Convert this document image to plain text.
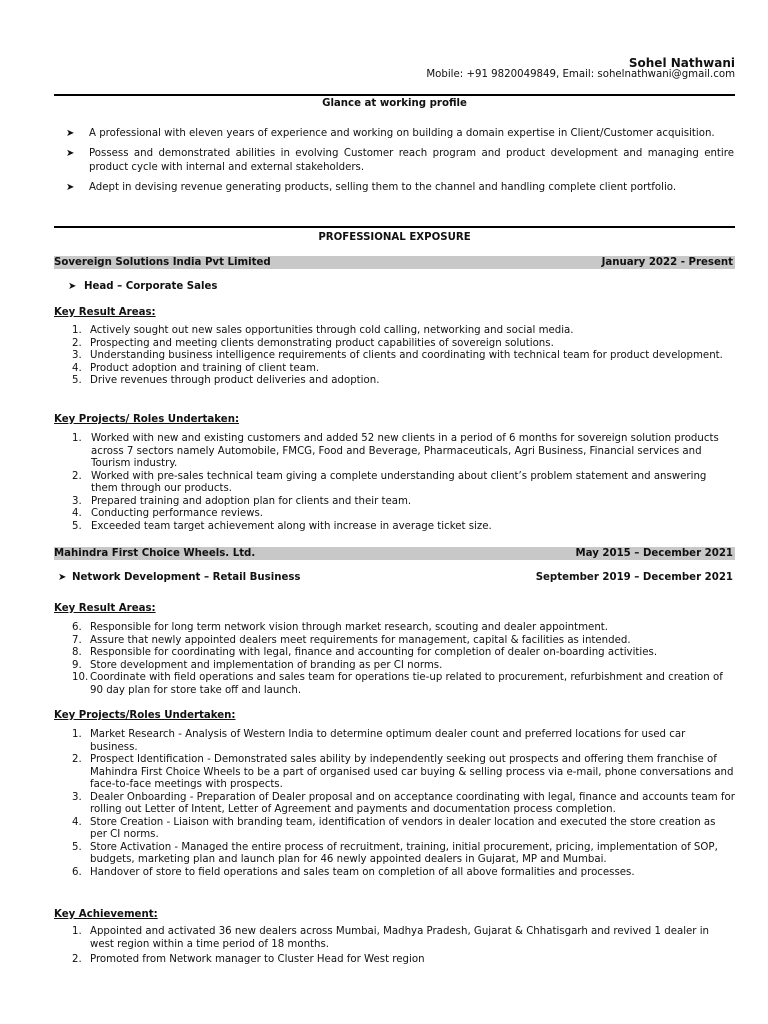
Sohel Nathwani
Mobile: +91 9820049849, Email: sohelnathwani@gmail.com
Glance at working profile
➤ A professional with eleven years of experience and working on building a domain expertise in Client/Customer acquisition.
➤ Possess and demonstrated abilities in evolving Customer reach program and product development and managing entire product cycle with internal and external stakeholders.
➤ Adept in devising revenue generating products, selling them to the channel and handling complete client portfolio.
PROFESSIONAL EXPOSURE
Sovereign Solutions India Pvt Limited	January 2022 - Present
➤ Head – Corporate Sales
Key Result Areas:
1. Actively sought out new sales opportunities through cold calling, networking and social media.
2. Prospecting and meeting clients demonstrating product capabilities of sovereign solutions.
3. Understanding business intelligence requirements of clients and coordinating with technical team for product development.
4. Product adoption and training of client team.
5. Drive revenues through product deliveries and adoption.
Key Projects/ Roles Undertaken:
1. Worked with new and existing customers and added 52 new clients in a period of 6 months for sovereign solution products across 7 sectors namely Automobile, FMCG, Food and Beverage, Pharmaceuticals, Agri Business, Financial services and Tourism industry.
2. Worked with pre-sales technical team giving a complete understanding about client’s problem statement and answering them through our products.
3. Prepared training and adoption plan for clients and their team.
4. Conducting performance reviews.
5. Exceeded team target achievement along with increase in average ticket size.
Mahindra First Choice Wheels. Ltd.	May 2015 – December 2021
➤ Network Development – Retail Business	September 2019 – December 2021
Key Result Areas:
6. Responsible for long term network vision through market research, scouting and dealer appointment.
7. Assure that newly appointed dealers meet requirements for management, capital & facilities as intended.
8. Responsible for coordinating with legal, finance and accounting for completion of dealer on-boarding activities.
9. Store development and implementation of branding as per CI norms.
10. Coordinate with field operations and sales team for operations tie-up related to procurement, refurbishment and creation of 90 day plan for store take off and launch.
Key Projects/Roles Undertaken:
1. Market Research - Analysis of Western India to determine optimum dealer count and preferred locations for used car business.
2. Prospect Identification - Demonstrated sales ability by independently seeking out prospects and offering them franchise of Mahindra First Choice Wheels to be a part of organised used car buying & selling process via e-mail, phone conversations and face-to-face meetings with prospects.
3. Dealer Onboarding - Preparation of Dealer proposal and on acceptance coordinating with legal, finance and accounts team for rolling out Letter of Intent, Letter of Agreement and payments and documentation process completion.
4. Store Creation - Liaison with branding team, identification of vendors in dealer location and executed the store creation as per CI norms.
5. Store Activation - Managed the entire process of recruitment, training, initial procurement, pricing, implementation of SOP, budgets, marketing plan and launch plan for 46 newly appointed dealers in Gujarat, MP and Mumbai.
6. Handover of store to field operations and sales team on completion of all above formalities and processes.
Key Achievement:
1. Appointed and activated 36 new dealers across Mumbai, Madhya Pradesh, Gujarat & Chhatisgarh and revived 1 dealer in west region within a time period of 18 months.
2. Promoted from Network manager to Cluster Head for West region
